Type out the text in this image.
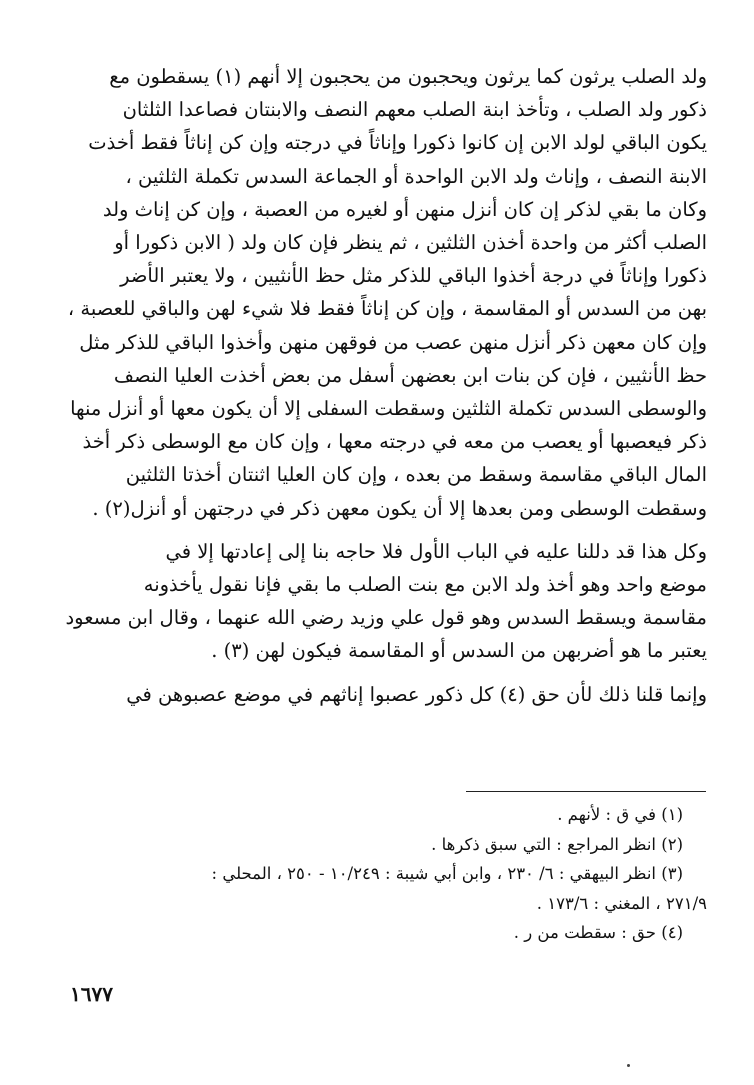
ولد الصلب يرثون كما يرثون ويحجبون من يحجبون إلا أنهم (١) يسقطون مع
ذكور ولد الصلب ، وتأخذ ابنة الصلب معهم النصف والابنتان فصاعدا الثلثان
يكون الباقي لولد الابن إن كانوا ذكورا وإناثاً في درجته وإن كن إناثاً فقط أخذت
الابنة النصف ، وإناث ولد الابن الواحدة أو الجماعة السدس تكملة الثلثين ،
وكان ما بقي لذكر إن كان أنزل منهن أو لغيره من العصبة ، وإن كن إناث ولد
الصلب أكثر من واحدة أخذن الثلثين ، ثم ينظر فإن كان ولد ( الابن ذكورا أو
ذكورا وإناثاً في درجة أخذوا الباقي للذكر مثل حظ الأنثيين ، ولا يعتبر الأضر
بهن من السدس أو المقاسمة ، وإن كن إناثاً فقط فلا شيء لهن والباقي للعصبة ،
وإن كان معهن ذكر أنزل منهن عصب من فوقهن منهن وأخذوا الباقي للذكر مثل
حظ الأنثيين ، فإن كن بنات ابن بعضهن أسفل من بعض أخذت العليا النصف
والوسطى السدس تكملة الثلثين وسقطت السفلى إلا أن يكون معها أو أنزل منها
ذكر فيعصبها أو يعصب من معه في درجته معها ، وإن كان مع الوسطى ذكر أخذ
المال الباقي مقاسمة وسقط من بعده ، وإن كان العليا اثنتان أخذتا الثلثين
وسقطت الوسطى ومن بعدها إلا أن يكون معهن ذكر في درجتهن أو أنزل(٢) .

وكل هذا قد دللنا عليه في الباب الأول فلا حاجه بنا إلى إعادتها إلا في
موضع واحد وهو أخذ ولد الابن مع بنت الصلب ما بقي فإنا نقول يأخذونه
مقاسمة ويسقط السدس وهو قول علي وزيد رضي الله عنهما ، وقال ابن مسعود
يعتبر ما هو أضربهن من السدس أو المقاسمة فيكون لهن (٣) .

وإنما قلنا ذلك لأن حق (٤) كل ذكور عصبوا إناثهم في موضع عصبوهن في

(١) في ق : لأنهم .
(٢) انظر المراجع : التي سبق ذكرها .
(٣) انظر البيهقي : ٦/ ٢٣٠ ، وابن أبي شيبة : ١٠/٢٤٩ - ٢٥٠ ، المحلي :
٢٧١/٩ ، المغني : ١٧٣/٦ .
(٤) حق : سقطت من ر .
١٦٧٧
